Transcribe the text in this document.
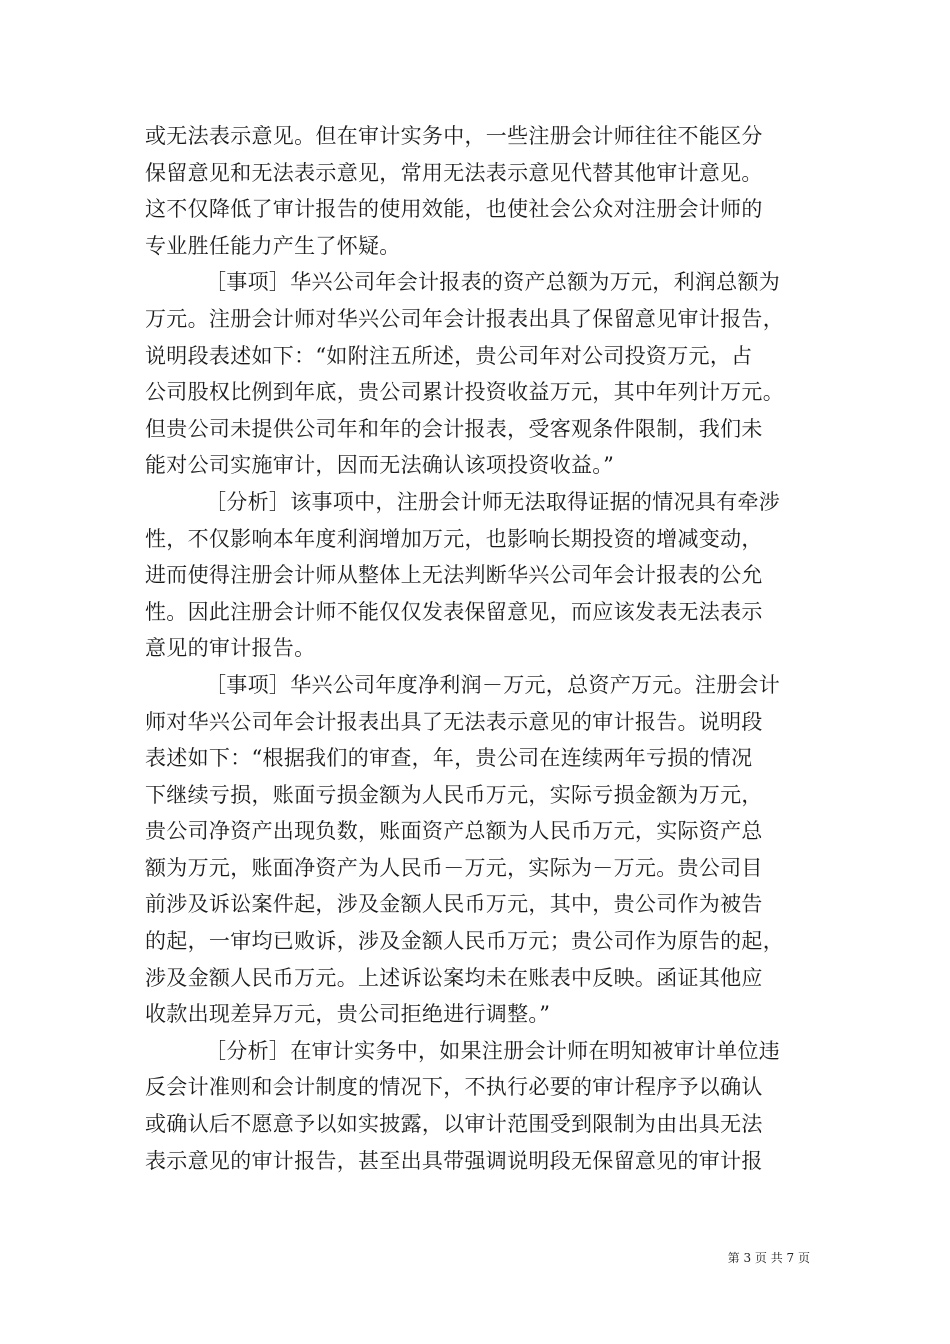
或无法表示意见。但在审计实务中，一些注册会计师往往不能区分
保留意见和无法表示意见，常用无法表示意见代替其他审计意见。
这不仅降低了审计报告的使用效能，也使社会公众对注册会计师的
专业胜任能力产生了怀疑。
［事项］华兴公司年会计报表的资产总额为万元，利润总额为
万元。注册会计师对华兴公司年会计报表出具了保留意见审计报告，
说明段表述如下：“如附注五所述，贵公司年对公司投资万元，占
公司股权比例到年底，贵公司累计投资收益万元，其中年列计万元。
但贵公司未提供公司年和年的会计报表，受客观条件限制，我们未
能对公司实施审计，因而无法确认该项投资收益。”
［分析］该事项中，注册会计师无法取得证据的情况具有牵涉
性，不仅影响本年度利润增加万元，也影响长期投资的增减变动，
进而使得注册会计师从整体上无法判断华兴公司年会计报表的公允
性。因此注册会计师不能仅仅发表保留意见，而应该发表无法表示
意见的审计报告。
［事项］华兴公司年度净利润－万元，总资产万元。注册会计
师对华兴公司年会计报表出具了无法表示意见的审计报告。说明段
表述如下：“根据我们的审查，年，贵公司在连续两年亏损的情况
下继续亏损，账面亏损金额为人民币万元，实际亏损金额为万元，
贵公司净资产出现负数，账面资产总额为人民币万元，实际资产总
额为万元，账面净资产为人民币－万元，实际为－万元。贵公司目
前涉及诉讼案件起，涉及金额人民币万元，其中，贵公司作为被告
的起，一审均已败诉，涉及金额人民币万元；贵公司作为原告的起，
涉及金额人民币万元。上述诉讼案均未在账表中反映。函证其他应
收款出现差异万元，贵公司拒绝进行调整。”
［分析］在审计实务中，如果注册会计师在明知被审计单位违
反会计准则和会计制度的情况下，不执行必要的审计程序予以确认
或确认后不愿意予以如实披露，以审计范围受到限制为由出具无法
表示意见的审计报告，甚至出具带强调说明段无保留意见的审计报
第 3 页 共 7 页
